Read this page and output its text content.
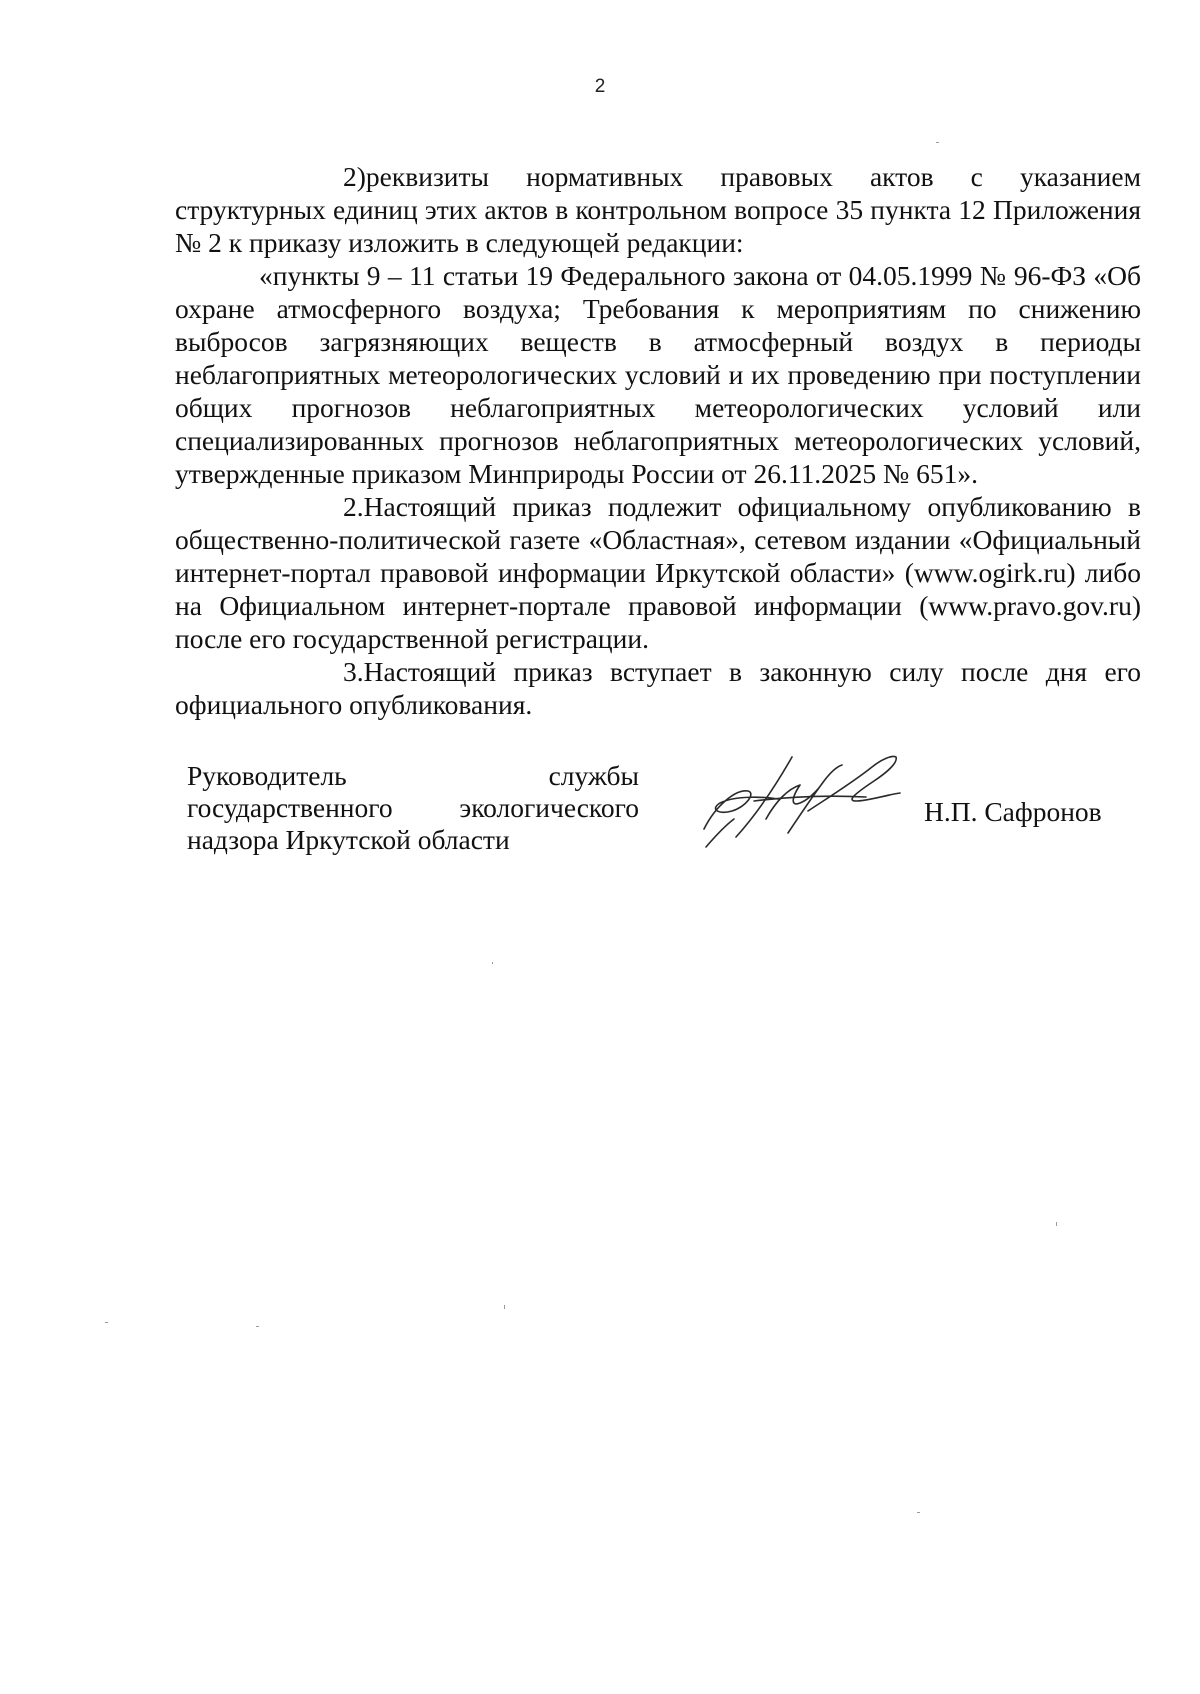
2

2)реквизиты нормативных правовых актов с указанием структурных единиц этих актов в контрольном вопросе 35 пункта 12 Приложения № 2 к приказу изложить в следующей редакции:

«пункты 9 – 11 статьи 19 Федерального закона от 04.05.1999 № 96-ФЗ «Об охране атмосферного воздуха; Требования к мероприятиям по снижению выбросов загрязняющих веществ в атмосферный воздух в периоды неблагоприятных метеорологических условий и их проведению при поступлении общих прогнозов неблагоприятных метеорологических условий или специализированных прогнозов неблагоприятных метеорологических условий, утвержденные приказом Минприроды России от 26.11.2025 № 651».

2.Настоящий приказ подлежит официальному опубликованию в общественно-политической газете «Областная», сетевом издании «Официальный интернет-портал правовой информации Иркутской области» (www.ogirk.ru) либо на Официальном интернет-портале правовой информации (www.pravo.gov.ru) после его государственной регистрации.

3.Настоящий приказ вступает в законную силу после дня его официального опубликования.

Руководитель службы
государственного экологического
надзора Иркутской области
Н.П. Сафронов
